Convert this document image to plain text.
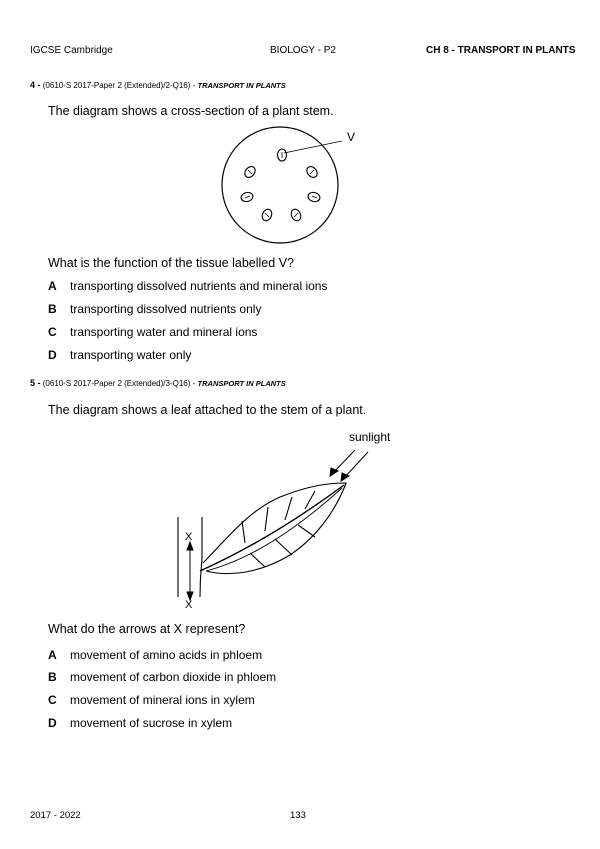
IGCSE Cambridge	BIOLOGY - P2	CH 8 - TRANSPORT IN PLANTS
4 - (0610-S 2017-Paper 2 (Extended)/2-Q16) - TRANSPORT IN PLANTS
The diagram shows a cross-section of a plant stem.
V
What is the function of the tissue labelled V?
A transporting dissolved nutrients and mineral ions
B transporting dissolved nutrients only
C transporting water and mineral ions
D transporting water only
5 - (0610-S 2017-Paper 2 (Extended)/3-Q16) - TRANSPORT IN PLANTS
The diagram shows a leaf attached to the stem of a plant.
sunlight
X
X
What do the arrows at X represent?
A movement of amino acids in phloem
B movement of carbon dioxide in phloem
C movement of mineral ions in xylem
D movement of sucrose in xylem
2017 - 2022	133
